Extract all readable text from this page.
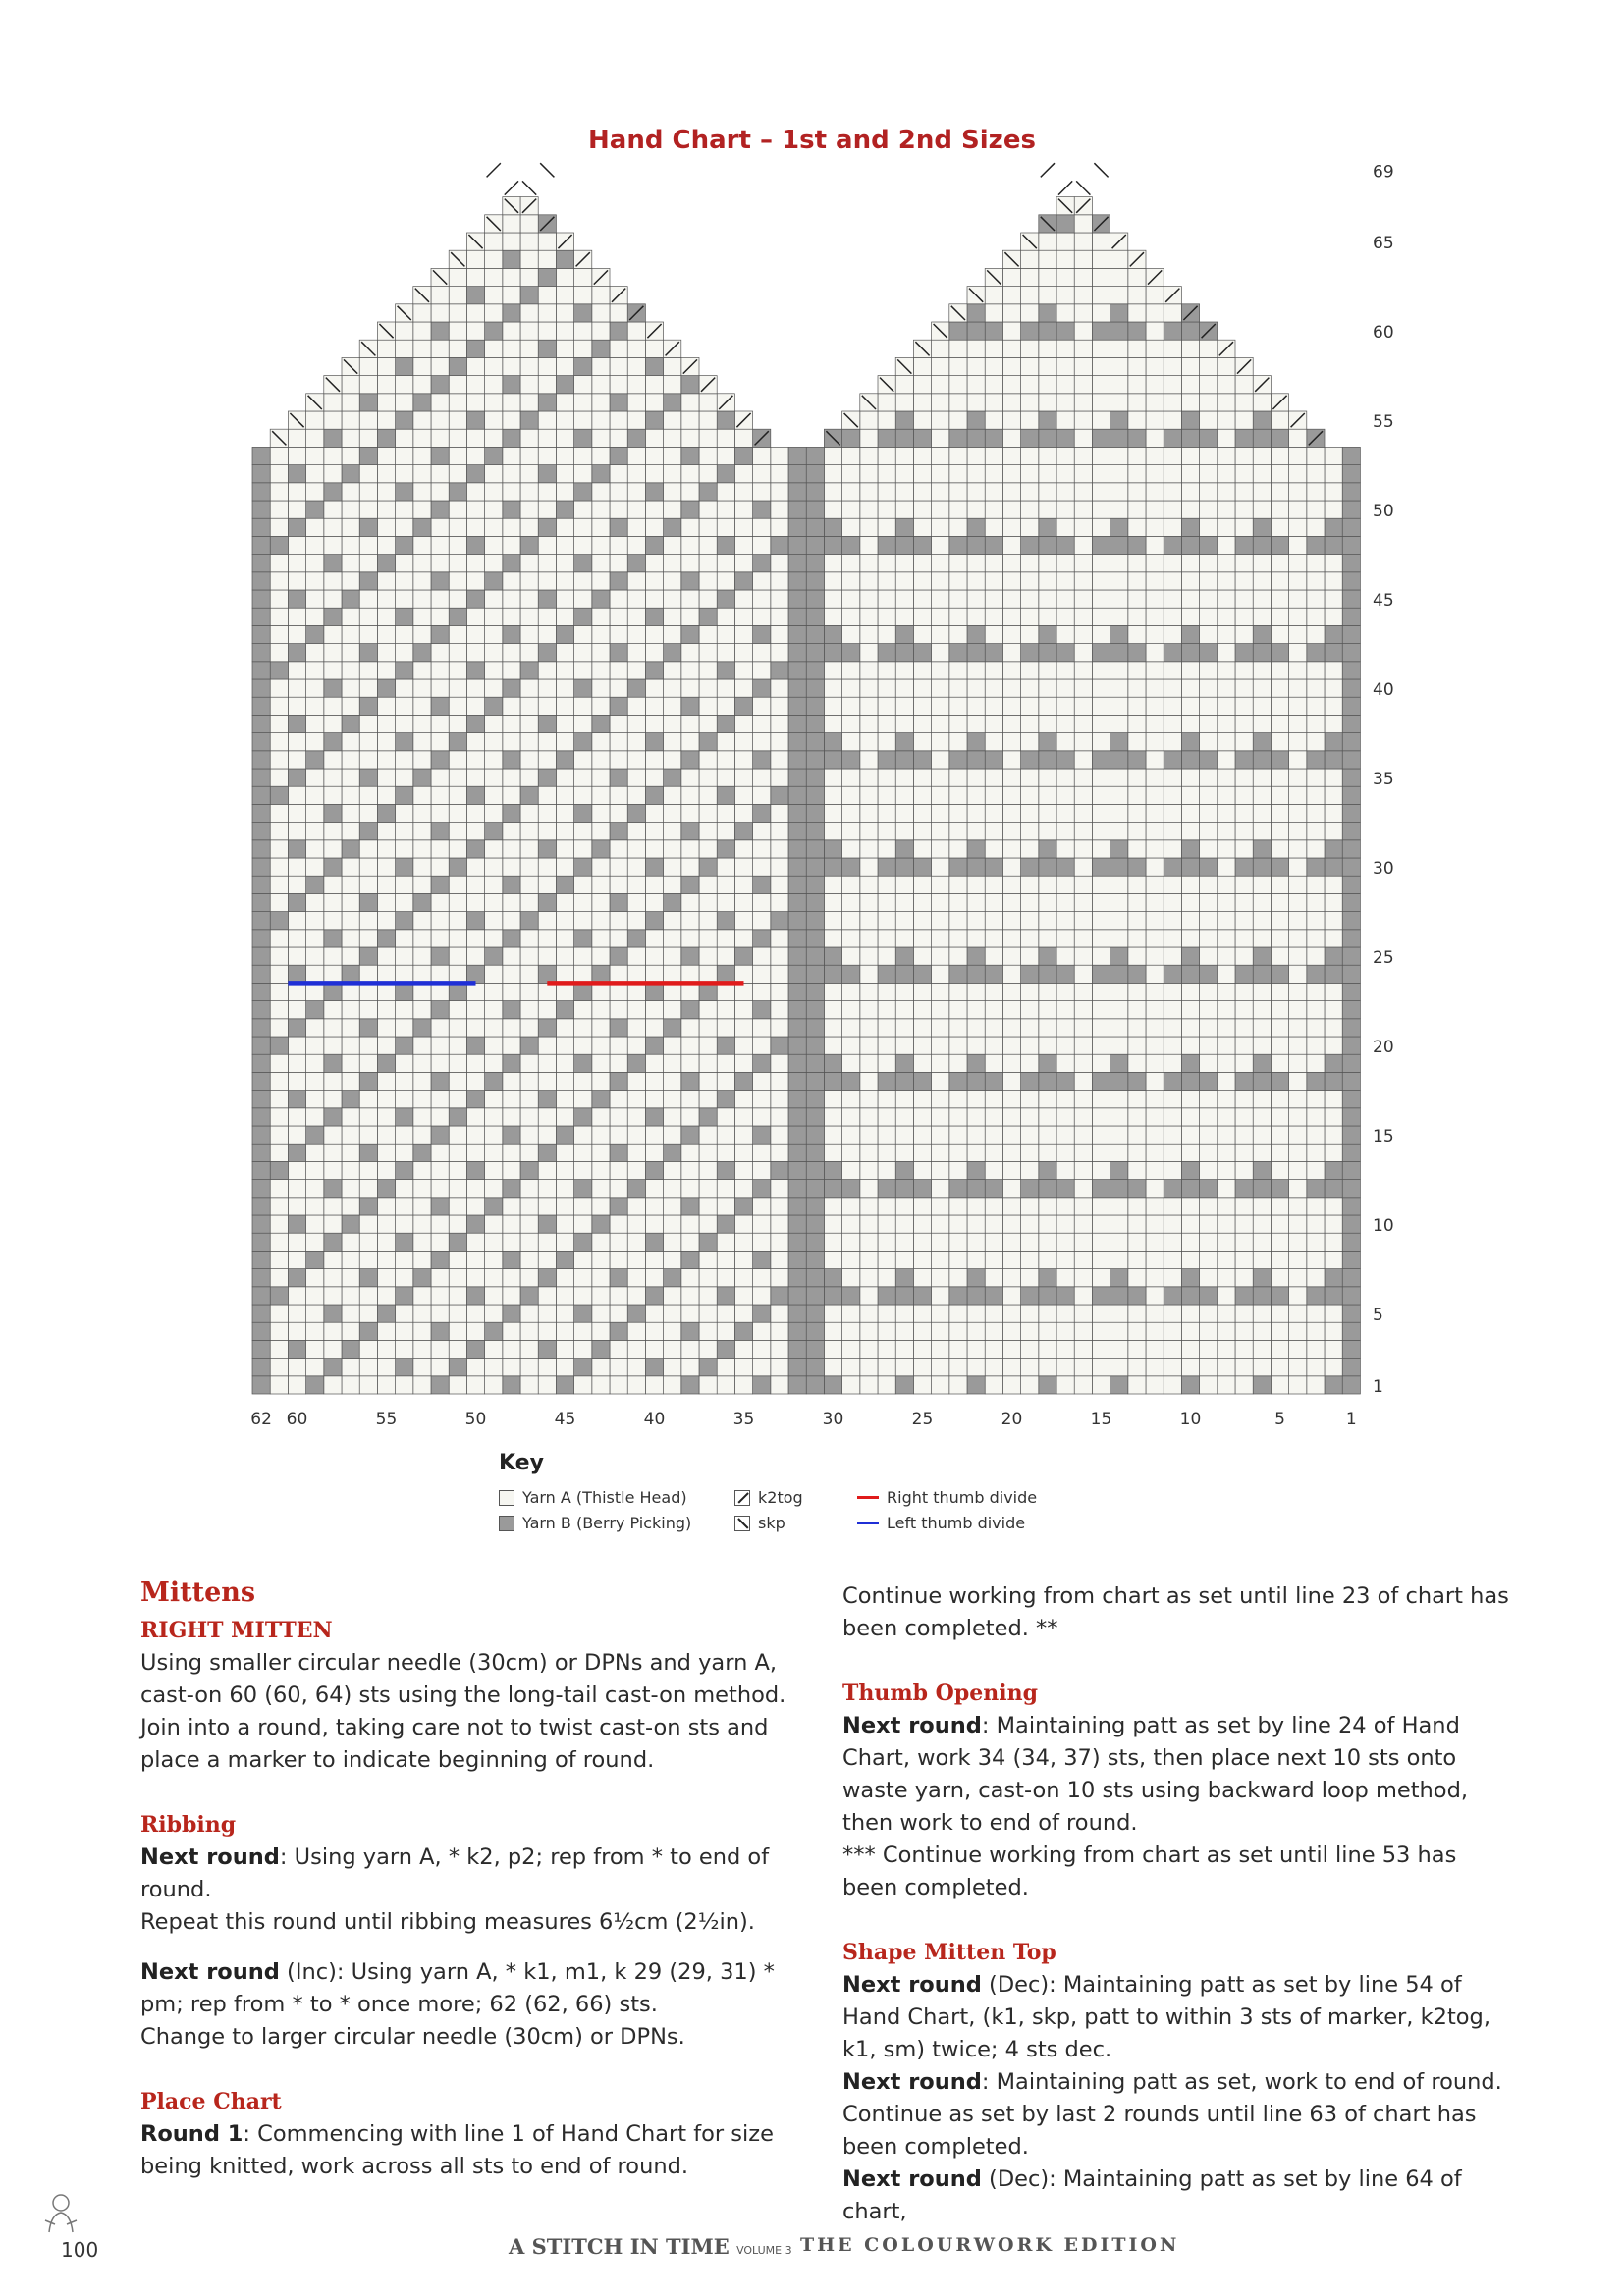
Hand Chart – 1st and 2nd Sizes
1
5
10
15
20
25
30
35
40
45
50
55
60
65
69
62 60	55	50	45	40	35	30	25	20	15	10	5	1
Key
Yarn A (Thistle Head)
Yarn B (Berry Picking)
k2tog
skp
Right thumb divide
Left thumb divide

Mittens

RIGHT MITTEN

Using smaller circular needle (30cm) or DPNs and yarn A, cast-on 60 (60, 64) sts using the long-tail cast-on method. Join into a round, taking care not to twist cast-on sts and place a marker to indicate beginning of round.

Ribbing

Next round: Using yarn A, * k2, p2; rep from * to end of round.

Repeat this round until ribbing measures 6½cm (2½in).

Next round (Inc): Using yarn A, * k1, m1, k 29 (29, 31) * pm; rep from * to * once more; 62 (62, 66) sts.

Change to larger circular needle (30cm) or DPNs.

Place Chart

Round 1: Commencing with line 1 of Hand Chart for size being knitted, work across all sts to end of round.

Continue working from chart as set until line 23 of chart has been completed. **

Thumb Opening

Next round: Maintaining patt as set by line 24 of Hand Chart, work 34 (34, 37) sts, then place next 10 sts onto waste yarn, cast-on 10 sts using backward loop method, then work to end of round.

*** Continue working from chart as set until line 53 has been completed.

Shape Mitten Top

Next round (Dec): Maintaining patt as set by line 54 of Hand Chart, (k1, skp, patt to within 3 sts of marker, k2tog, k1, sm) twice; 4 sts dec.

Next round: Maintaining patt as set, work to end of round.

Continue as set by last 2 rounds until line 63 of chart has been completed.

Next round (Dec): Maintaining patt as set by line 64 of chart,

100	A STITCH IN TIME VOLUME 3 THE COLOURWORK EDITION
